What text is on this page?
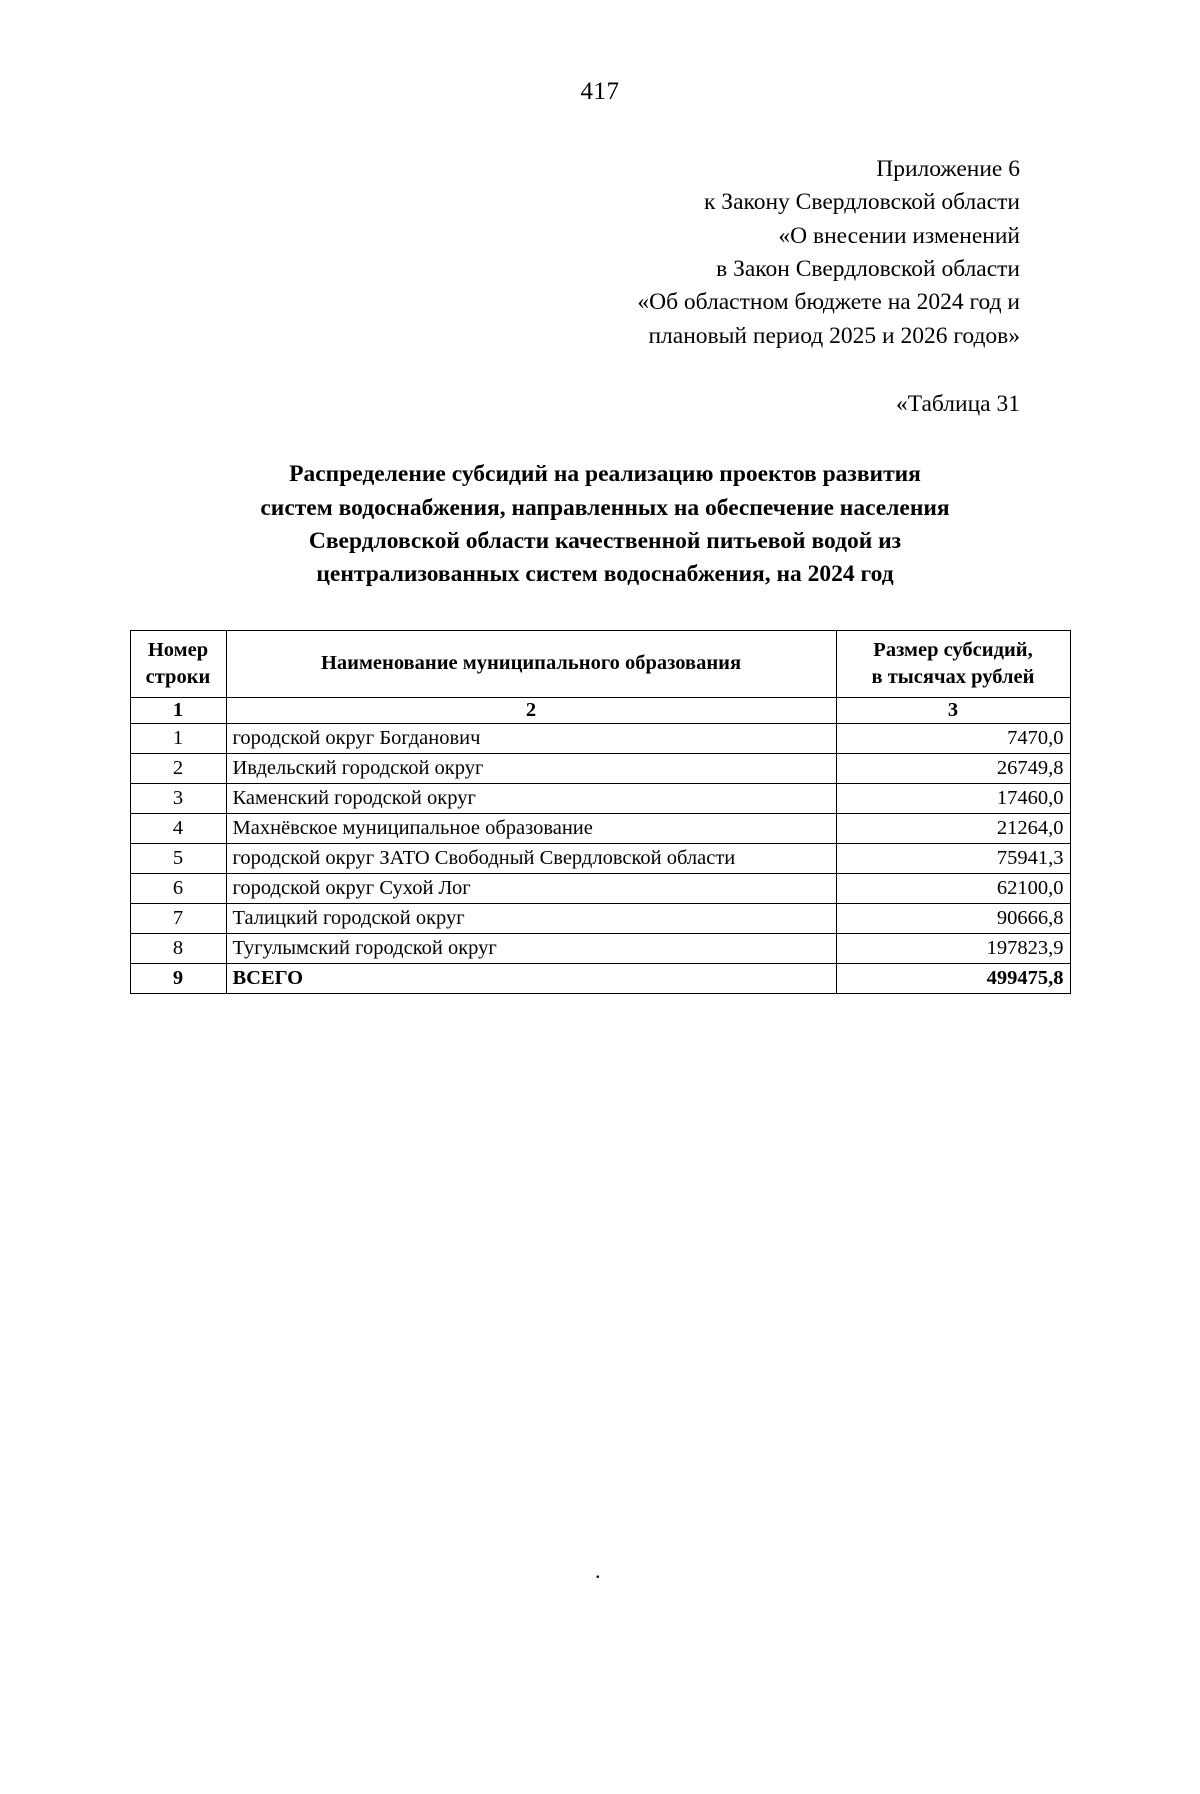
417
Приложение 6
к Закону Свердловской области
«О внесении изменений
в Закон Свердловской области
«Об областном бюджете на 2024 год и
плановый период 2025 и 2026 годов»
«Таблица 31
Распределение субсидий на реализацию проектов развития
систем водоснабжения, направленных на обеспечение населения
Свердловской области качественной питьевой водой из
централизованных систем водоснабжения, на 2024 год
Номер
строки	Наименование муниципального образования	Размер субсидий,
в тысячах рублей
1	2	3
1	городской округ Богданович	7470,0
2	Ивдельский городской округ	26749,8
3	Каменский городской округ	17460,0
4	Махнёвское муниципальное образование	21264,0
5	городской округ ЗАТО Свободный Свердловской области	75941,3
6	городской округ Сухой Лог	62100,0
7	Талицкий городской округ	90666,8
8	Тугулымский городской округ	197823,9
9	ВСЕГО	499475,8
.
